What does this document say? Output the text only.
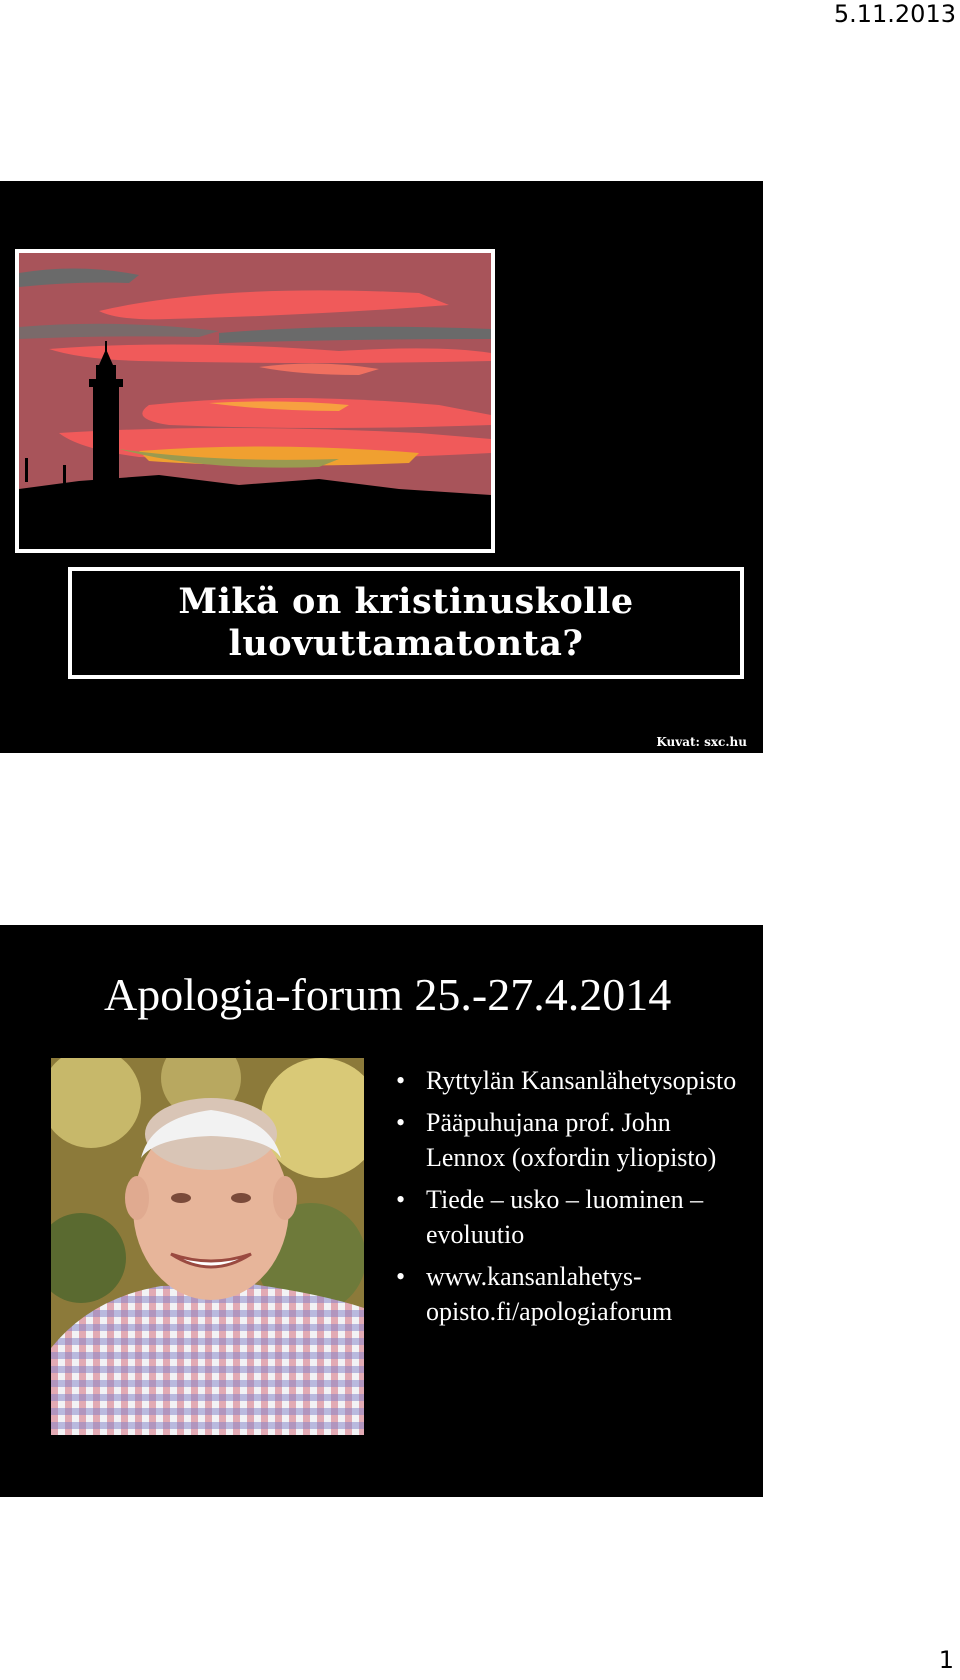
5.11.2013
Mikä on kristinuskolle
luovuttamatonta?
Kuvat: sxc.hu
Apologia-forum 25.-27.4.2014
• Ryttylän Kansanlähetysopisto
• Pääpuhujana prof. John Lennox (oxfordin yliopisto)
• Tiede – usko – luominen – evoluutio
• www.kansanlahetys-opisto.fi/apologiaforum
1
